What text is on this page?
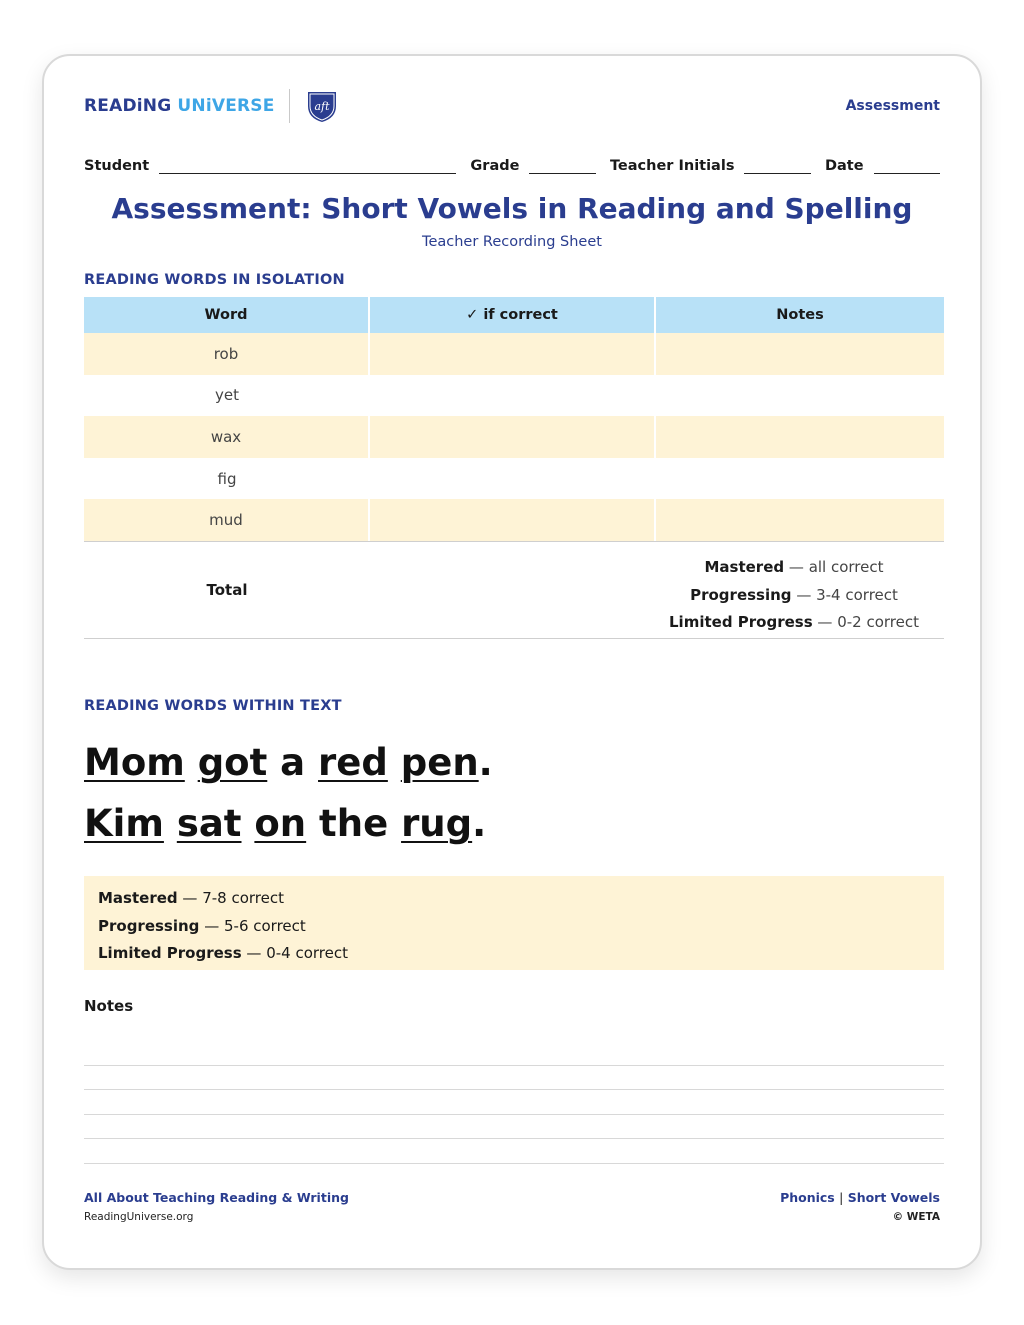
READiNG UNiVERSE	aft	Assessment
Student	Grade	Teacher Initials	Date
Assessment: Short Vowels in Reading and Spelling
Teacher Recording Sheet
READING WORDS IN ISOLATION
Word	✓ if correct	Notes
rob
yet
wax
fig
mud
Total
Mastered — all correct
Progressing — 3-4 correct
Limited Progress — 0-2 correct
READING WORDS WITHIN TEXT
Mom got a red pen.
Kim sat on the rug.
Mastered — 7-8 correct
Progressing — 5-6 correct
Limited Progress — 0-4 correct
Notes
All About Teaching Reading & Writing
ReadingUniverse.org
Phonics | Short Vowels
© WETA
